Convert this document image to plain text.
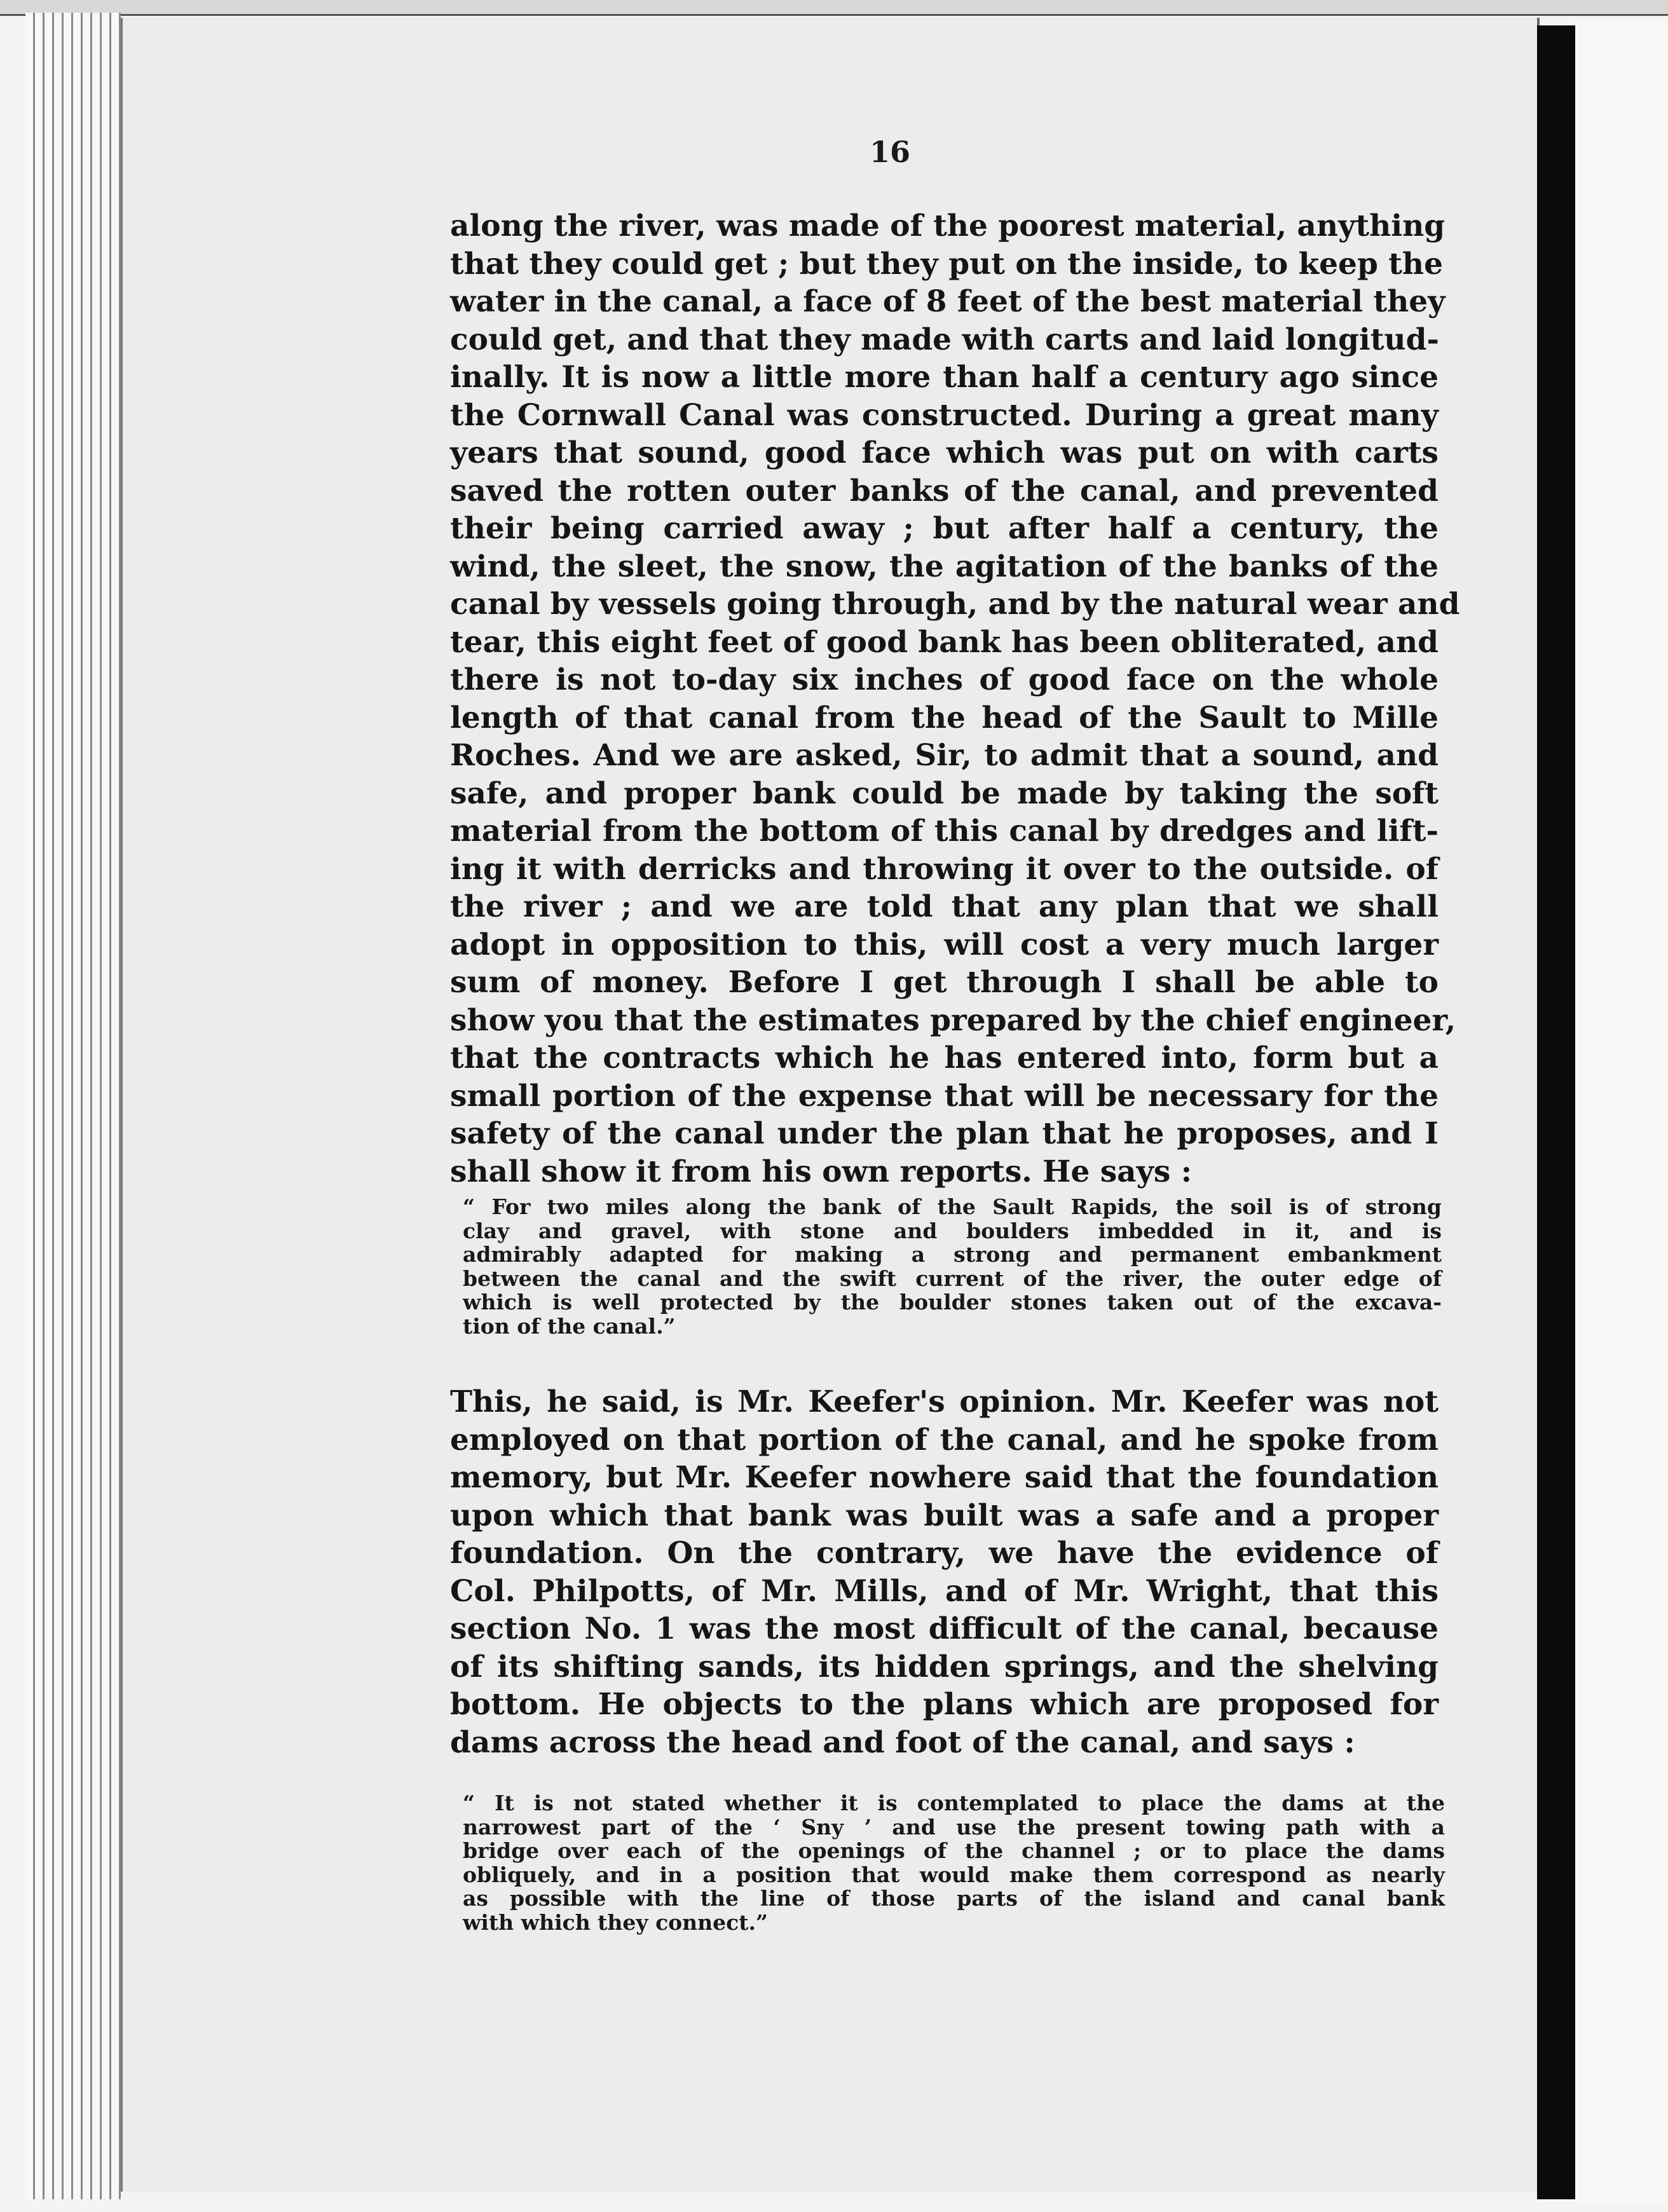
16
along the river, was made of the poorest material, anything
that they could get ; but they put on the inside, to keep the
water in the canal, a face of 8 feet of the best material they
could get, and that they made with carts and laid longitud-
inally. It is now a little more than half a century ago since
the Cornwall Canal was constructed. During a great many
years that sound, good face which was put on with carts
saved the rotten outer banks of the canal, and prevented
their being carried away ; but after half a century, the
wind, the sleet, the snow, the agitation of the banks of the
canal by vessels going through, and by the natural wear and
tear, this eight feet of good bank has been obliterated, and
there is not to-day six inches of good face on the whole
length of that canal from the head of the Sault to Mille
Roches. And we are asked, Sir, to admit that a sound, and
safe, and proper bank could be made by taking the soft
material from the bottom of this canal by dredges and lift-
ing it with derricks and throwing it over to the outside. of
the river ; and we are told that any plan that we shall
adopt in opposition to this, will cost a very much larger
sum of money. Before I get through I shall be able to
show you that the estimates prepared by the chief engineer,
that the contracts which he has entered into, form but a
small portion of the expense that will be necessary for the
safety of the canal under the plan that he proposes, and I
shall show it from his own reports. He says :
“ For two miles along the bank of the Sault Rapids, the soil is of strong
clay and gravel, with stone and boulders imbedded in it, and is
admirably adapted for making a strong and permanent embankment
between the canal and the swift current of the river, the outer edge of
which is well protected by the boulder stones taken out of the excava-
tion of the canal.”
This, he said, is Mr. Keefer's opinion. Mr. Keefer was not
employed on that portion of the canal, and he spoke from
memory, but Mr. Keefer nowhere said that the foundation
upon which that bank was built was a safe and a proper
foundation. On the contrary, we have the evidence of
Col. Philpotts, of Mr. Mills, and of Mr. Wright, that this
section No. 1 was the most difficult of the canal, because
of its shifting sands, its hidden springs, and the shelving
bottom. He objects to the plans which are proposed for
dams across the head and foot of the canal, and says :
“ It is not stated whether it is contemplated to place the dams at the
narrowest part of the ‘ Sny ’ and use the present towing path with a
bridge over each of the openings of the channel ; or to place the dams
obliquely, and in a position that would make them correspond as nearly
as possible with the line of those parts of the island and canal bank
with which they connect.”
